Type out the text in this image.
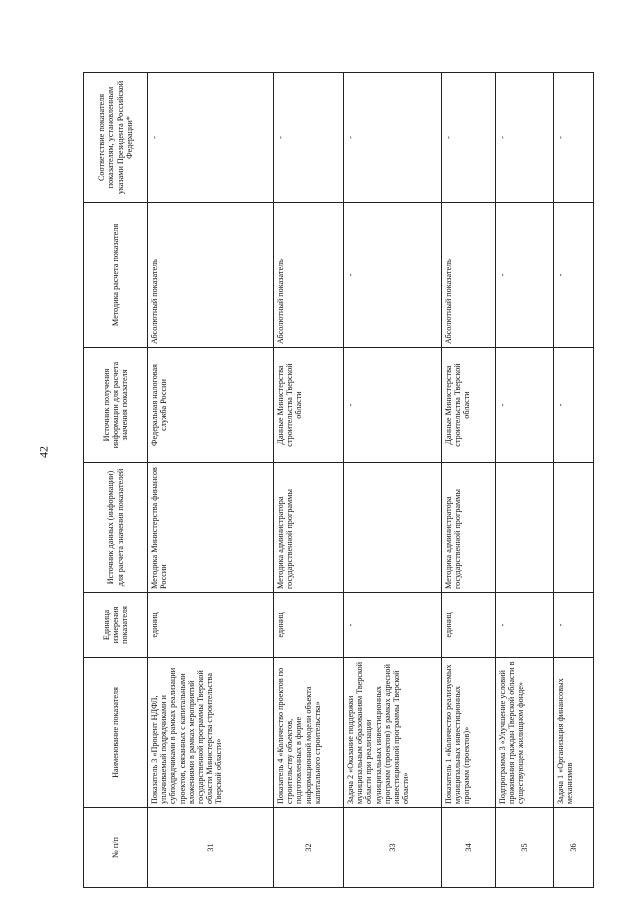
42
№ п/п	Наименование показателя	Единица измерения показателя	Источник данных (информации) для расчета значения показателей	Источник получения информации для расчета значения показателя	Методика расчета показателя	Соответствие показателя показателям, установленным указами Президента Российской Федерации*
31	Показатель 3 «Процент НДФЛ, уплачиваемый подрядчиками и субподрядчиками в рамках реализации проектов, связанных с капитальными вложениями в рамках мероприятий государственной программы Тверской области Министерства строительства Тверской области»	единиц	Методика Министерства финансов России	Федеральная налоговая служба России	Абсолютный показатель	-
32	Показатель 4 «Количество проектов по строительству объектов, подготовленных в форме информационной модели объекта капитального строительства»	единиц	Методика администратора государственной программы	Данные Министерства строительства Тверской области	Абсолютный показатель	-
33	Задача 2 «Оказание поддержки муниципальным образованиям Тверской области при реализации муниципальных инвестиционных программ (проектов) в рамках адресной инвестиционной программы Тверской области»	-		-	-	-
34	Показатель 1 «Количество реализуемых муниципальных инвестиционных программ (проектов)»	единиц	Методика администратора государственной программы	Данные Министерства строительства Тверской области	Абсолютный показатель	-
35	Подпрограмма 3 «Улучшение условий проживания граждан Тверской области в существующем жилищном фонде»	-		-	-	-
36	Задача 1 «Организация финансовых механизмов	-		-	-	-
